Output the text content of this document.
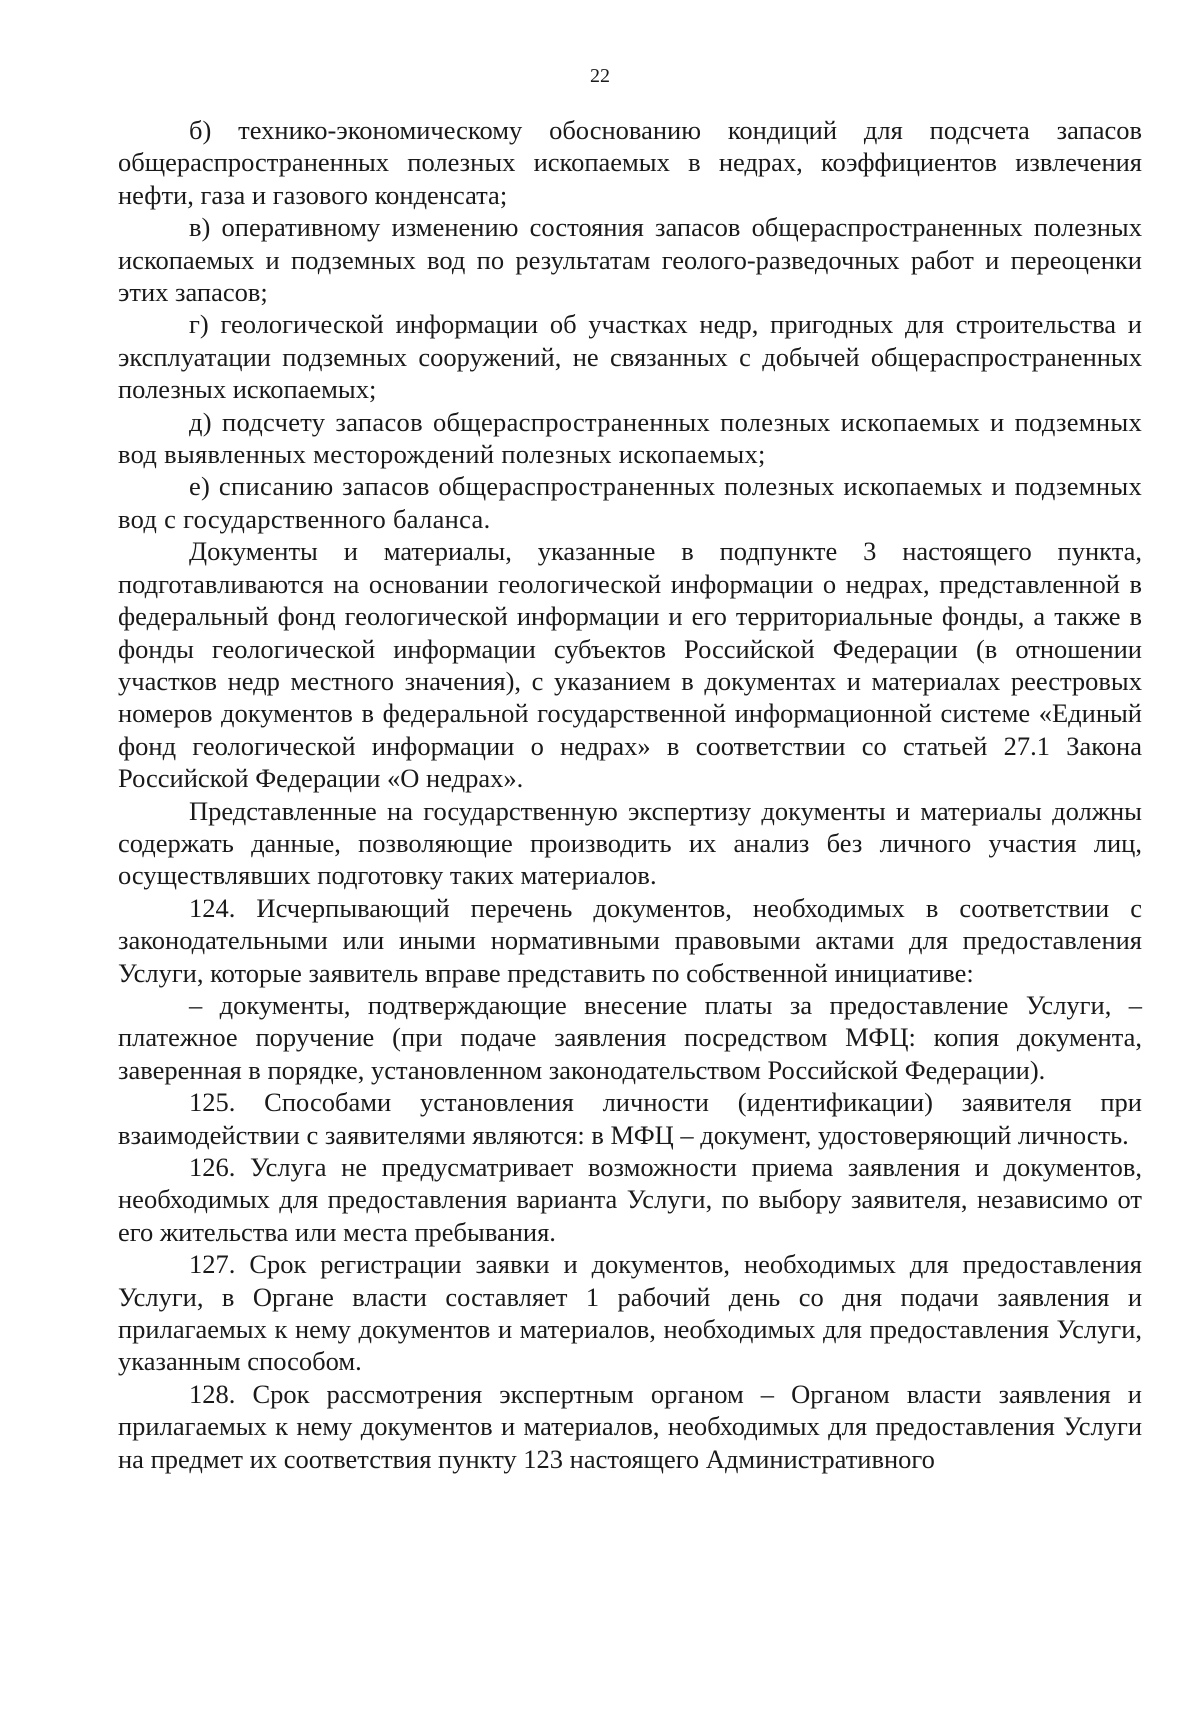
22

б) технико-экономическому обоснованию кондиций для подсчета запасов общераспространенных полезных ископаемых в недрах, коэффициентов извлечения нефти, газа и газового конденсата;

в) оперативному изменению состояния запасов общераспространенных полезных ископаемых и подземных вод по результатам геолого-разведочных работ и переоценки этих запасов;

г) геологической информации об участках недр, пригодных для строительства и эксплуатации подземных сооружений, не связанных с добычей общераспространенных полезных ископаемых;

д) подсчету запасов общераспространенных полезных ископаемых и подземных вод выявленных месторождений полезных ископаемых;

е) списанию запасов общераспространенных полезных ископаемых и подземных вод с государственного баланса.

Документы и материалы, указанные в подпункте 3 настоящего пункта, подготавливаются на основании геологической информации о недрах, представленной в федеральный фонд геологической информации и его территориальные фонды, а также в фонды геологической информации субъектов Российской Федерации (в отношении участков недр местного значения), с указанием в документах и материалах реестровых номеров документов в федеральной государственной информационной системе «Единый фонд геологической информации о недрах» в соответствии со статьей 27.1 Закона Российской Федерации «О недрах».

Представленные на государственную экспертизу документы и материалы должны содержать данные, позволяющие производить их анализ без личного участия лиц, осуществлявших подготовку таких материалов.

124. Исчерпывающий перечень документов, необходимых в соответствии с законодательными или иными нормативными правовыми актами для предоставления Услуги, которые заявитель вправе представить по собственной инициативе:

– документы, подтверждающие внесение платы за предоставление Услуги, – платежное поручение (при подаче заявления посредством МФЦ: копия документа, заверенная в порядке, установленном законодательством Российской Федерации).

125. Способами установления личности (идентификации) заявителя при взаимодействии с заявителями являются: в МФЦ – документ, удостоверяющий личность.

126. Услуга не предусматривает возможности приема заявления и документов, необходимых для предоставления варианта Услуги, по выбору заявителя, независимо от его жительства или места пребывания.

127. Срок регистрации заявки и документов, необходимых для предоставления Услуги, в Органе власти составляет 1 рабочий день со дня подачи заявления и прилагаемых к нему документов и материалов, необходимых для предоставления Услуги, указанным способом.

128. Срок рассмотрения экспертным органом – Органом власти заявления и прилагаемых к нему документов и материалов, необходимых для предоставления Услуги на предмет их соответствия пункту 123 настоящего Административного
